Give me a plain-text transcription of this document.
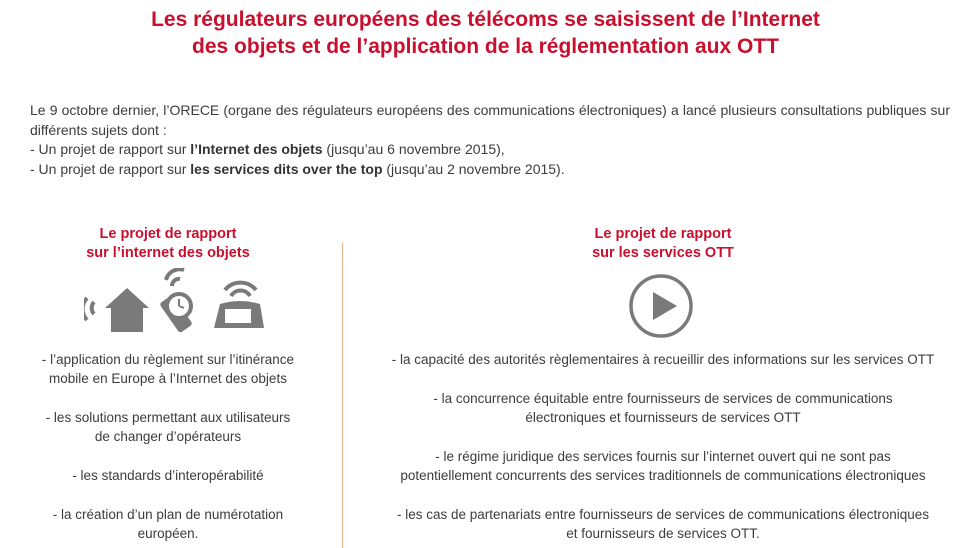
Les régulateurs européens des télécoms se saisissent de l’Internet
des objets et de l’application de la réglementation aux OTT
Le 9 octobre dernier, l’ORECE (organe des régulateurs européens des communications électroniques) a lancé plusieurs consultations publiques sur différents sujets dont :
- Un projet de rapport sur l’Internet des objets (jusqu’au 6 novembre 2015),
- Un projet de rapport sur les services dits over the top (jusqu’au 2 novembre 2015).
Le projet de rapport
sur l’internet des objets
- l’application du règlement sur l’itinérance
mobile en Europe à l’Internet des objets
- les solutions permettant aux utilisateurs
de changer d’opérateurs
- les standards d’interopérabilité
- la création d’un plan de numérotation
européen.
Le projet de rapport
sur les services OTT
- la capacité des autorités règlementaires à recueillir des informations sur les services OTT
- la concurrence équitable entre fournisseurs de services de communications
électroniques et fournisseurs de services OTT
- le régime juridique des services fournis sur l’internet ouvert qui ne sont pas
potentiellement concurrents des services traditionnels de communications électroniques
- les cas de partenariats entre fournisseurs de services de communications électroniques
et fournisseurs de services OTT.
